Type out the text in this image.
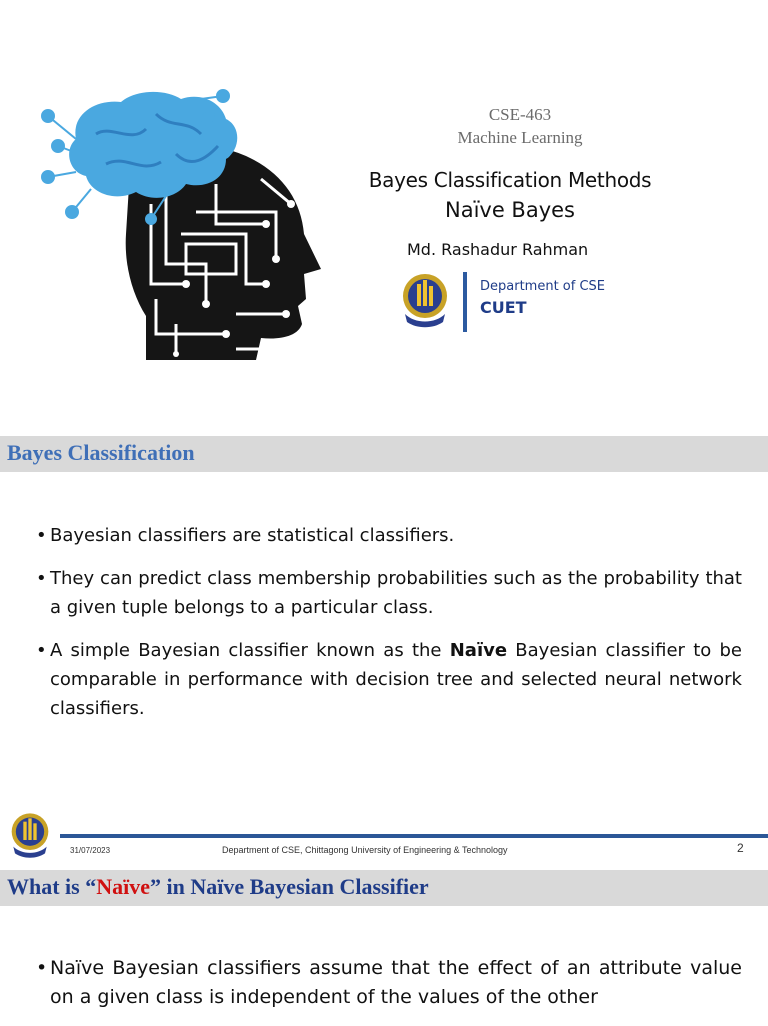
CSE-463
Machine Learning
Bayes Classification Methods
Naïve Bayes
Md. Rashadur Rahman
Department of CSE
CUET
Bayes Classification
• Bayesian classifiers are statistical classifiers.
• They can predict class membership probabilities such as the probability that a given tuple belongs to a particular class.
• A simple Bayesian classifier known as the Naïve Bayesian classifier to be comparable in performance with decision tree and selected neural network classifiers.
31/07/2023	Department of CSE, Chittagong University of Engineering & Technology	2
What is “Naïve” in Naïve Bayesian Classifier
• Naïve Bayesian classifiers assume that the effect of an attribute value on a given class is independent of the values of the other
